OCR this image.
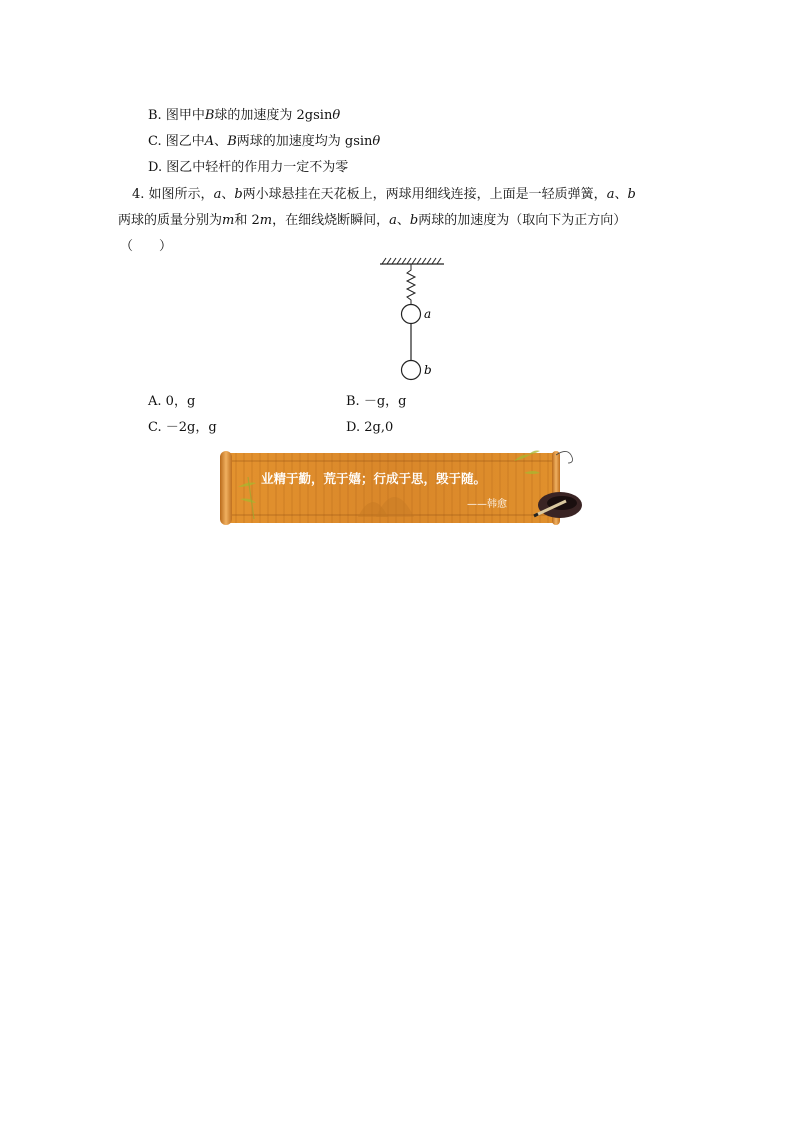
B. 图甲中B球的加速度为 2gsinθ
C. 图乙中A、B两球的加速度均为 gsinθ
D. 图乙中轻杆的作用力一定不为零
4. 如图所示，a、b两小球悬挂在天花板上，两球用细线连接，上面是一轻质弹簧，a、b
两球的质量分别为m和 2m，在细线烧断瞬间，a、b两球的加速度为（取向下为正方向）
（　　）
a
b
A. 0，g	B. －g，g
C. －2g，g	D. 2g,0
业精于勤，荒于嬉；行成于思，毁于随。
——韩愈
